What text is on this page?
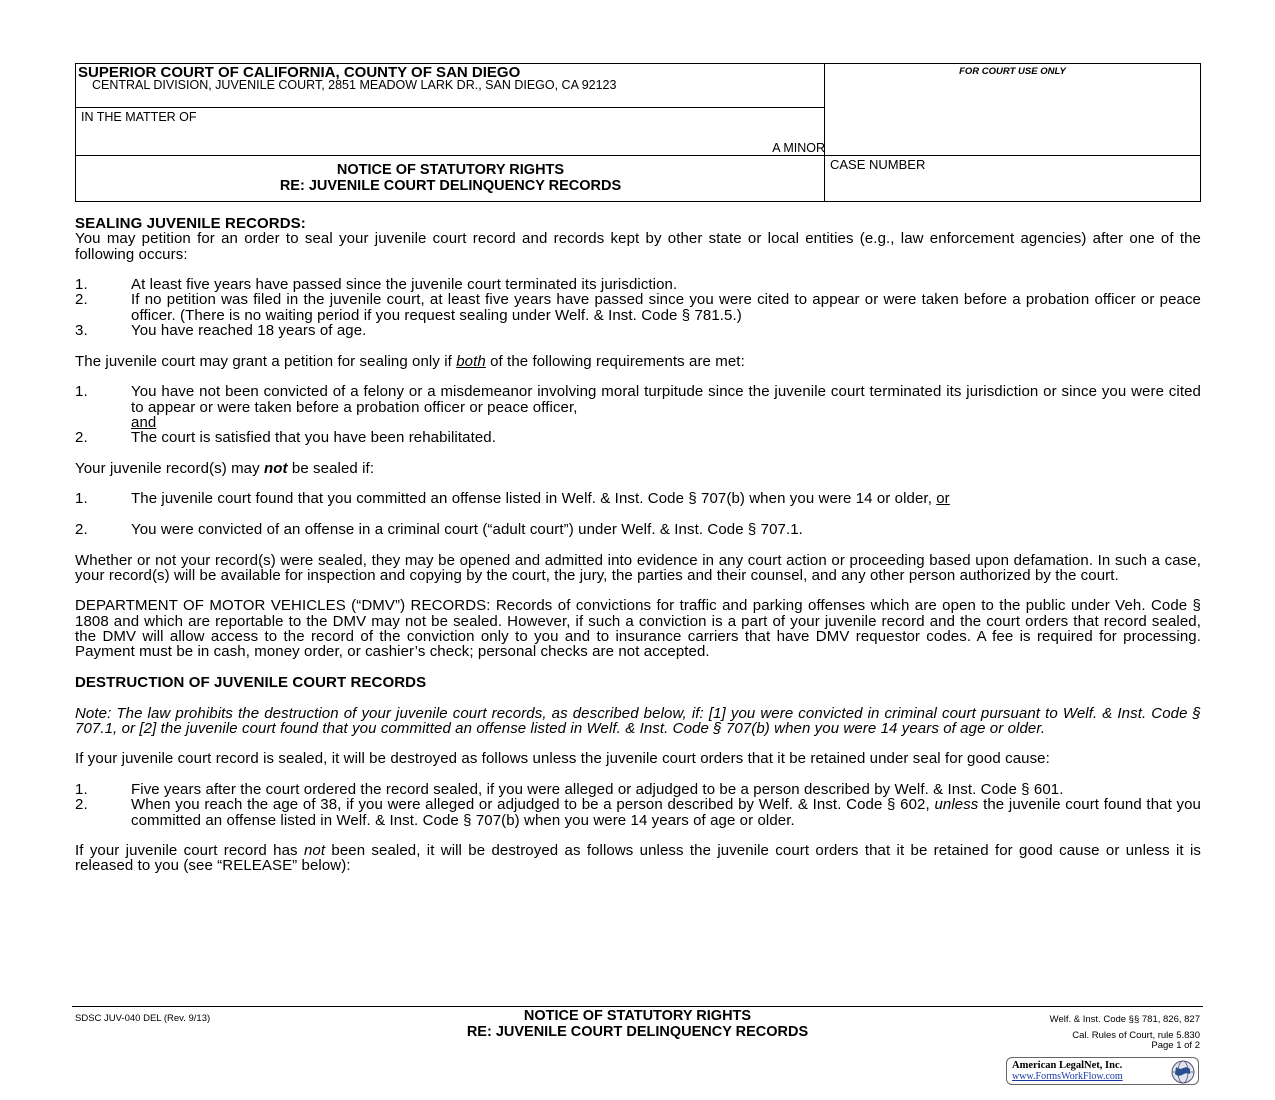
SUPERIOR COURT OF CALIFORNIA, COUNTY OF SAN DIEGO
CENTRAL DIVISION, JUVENILE COURT, 2851 MEADOW LARK DR., SAN DIEGO, CA 92123
IN THE MATTER OF
A MINOR
NOTICE OF STATUTORY RIGHTS
RE: JUVENILE COURT DELINQUENCY RECORDS
FOR COURT USE ONLY
CASE NUMBER

SEALING JUVENILE RECORDS:

You may petition for an order to seal your juvenile court record and records kept by other state or local entities (e.g., law enforcement agencies) after one of the following occurs:

1.	At least five years have passed since the juvenile court terminated its jurisdiction.
2.	If no petition was filed in the juvenile court, at least five years have passed since you were cited to appear or were taken before a probation officer or peace officer. (There is no waiting period if you request sealing under Welf. & Inst. Code § 781.5.)
3.	You have reached 18 years of age.

The juvenile court may grant a petition for sealing only if both of the following requirements are met:

1.	You have not been convicted of a felony or a misdemeanor involving moral turpitude since the juvenile court terminated its jurisdiction or since you were cited to appear or were taken before a probation officer or peace officer,
and
2.	The court is satisfied that you have been rehabilitated.

Your juvenile record(s) may not be sealed if:

1.	The juvenile court found that you committed an offense listed in Welf. & Inst. Code § 707(b) when you were 14 or older, or
2.	You were convicted of an offense in a criminal court (“adult court”) under Welf. & Inst. Code § 707.1.

Whether or not your record(s) were sealed, they may be opened and admitted into evidence in any court action or proceeding based upon defamation. In such a case, your record(s) will be available for inspection and copying by the court, the jury, the parties and their counsel, and any other person authorized by the court.

DEPARTMENT OF MOTOR VEHICLES (“DMV”) RECORDS: Records of convictions for traffic and parking offenses which are open to the public under Veh. Code § 1808 and which are reportable to the DMV may not be sealed. However, if such a conviction is a part of your juvenile record and the court orders that record sealed, the DMV will allow access to the record of the conviction only to you and to insurance carriers that have DMV requestor codes. A fee is required for processing. Payment must be in cash, money order, or cashier’s check; personal checks are not accepted.

DESTRUCTION OF JUVENILE COURT RECORDS

Note: The law prohibits the destruction of your juvenile court records, as described below, if: [1] you were convicted in criminal court pursuant to Welf. & Inst. Code § 707.1, or [2] the juvenile court found that you committed an offense listed in Welf. & Inst. Code § 707(b) when you were 14 years of age or older.

If your juvenile court record is sealed, it will be destroyed as follows unless the juvenile court orders that it be retained under seal for good cause:

1.	Five years after the court ordered the record sealed, if you were alleged or adjudged to be a person described by Welf. & Inst. Code § 601.
2.	When you reach the age of 38, if you were alleged or adjudged to be a person described by Welf. & Inst. Code § 602, unless the juvenile court found that you committed an offense listed in Welf. & Inst. Code § 707(b) when you were 14 years of age or older.

If your juvenile court record has not been sealed, it will be destroyed as follows unless the juvenile court orders that it be retained for good cause or unless it is released to you (see “RELEASE” below):

SDSC JUV-040 DEL (Rev. 9/13)	NOTICE OF STATUTORY RIGHTS
RE: JUVENILE COURT DELINQUENCY RECORDS
Welf. & Inst. Code §§ 781, 826, 827
Cal. Rules of Court, rule 5.830
Page 1 of 2
American LegalNet, Inc.
www.FormsWorkFlow.com
